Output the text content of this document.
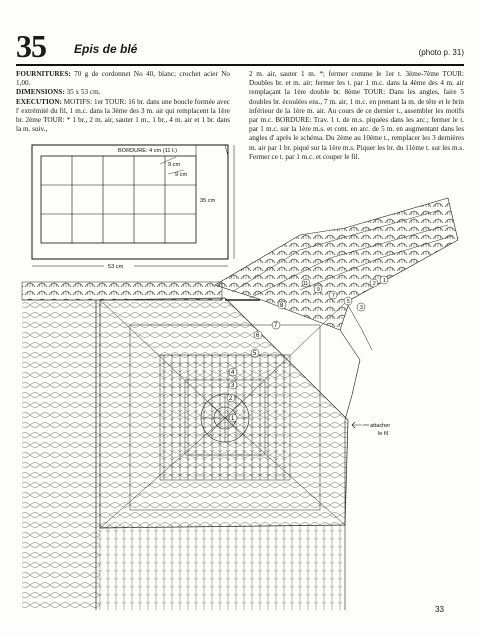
35 Epis de blé	(photo p. 31)

FOURNITURES: 70 g de cordonnet No 40, blanc; crochet acier No 1,00.

DIMENSIONS: 35 x 53 cm.

EXECUTION: MOTIFS: 1er TOUR: 16 br. dans une boucle formée avec l' extrémité du fil, 1 m.c. dans la 3ème des 3 m. air qui remplacent la 1ère br. 2ème TOUR: * 1 br., 2 m. air, sauter 1 m., 1 br., 4 m. air et 1 br. dans la m. suiv.,

2 m. air, sauter 1 m. *; fermer comme le 1er t. 3ème-7ème TOUR: Doubles br. et m. air; fermer les t. par 1 m.c. dans la 4ème des 4 m. air remplaçant la 1ère double br. 8ème TOUR: Dans les angles, faire 5 doubles br. écoulées ens., 7 m. air, 1 m.c. en prenant la m. de tête et le brin inférieur de la 1ère m. air. Au cours de ce dernier t., assembler les motifs par m.c. BORDURE: Trav. 1 t. de m.s. piquées dans les arc.; fermer le t. par 1 m.c. sur la 1ère m.s. et cont. en arc. de 5 m. en augmentant dans les angles d' après le schéma. Du 2ème au 10ème t., remplacer les 3 dernières m. air par 1 br. piqué sur la 1ère m.s. Piquer les br. du 11ème t. sur les m.s. Fermer ce t. par 1 m.c. et couper le fil.

BORDURE: 4 cm (11 t.)
9 cm
9 cm
35 cm
53 cm
1
2
3
4
5
6
7
8
11
9
7
5
3
2 1
attacher
le fil
33
